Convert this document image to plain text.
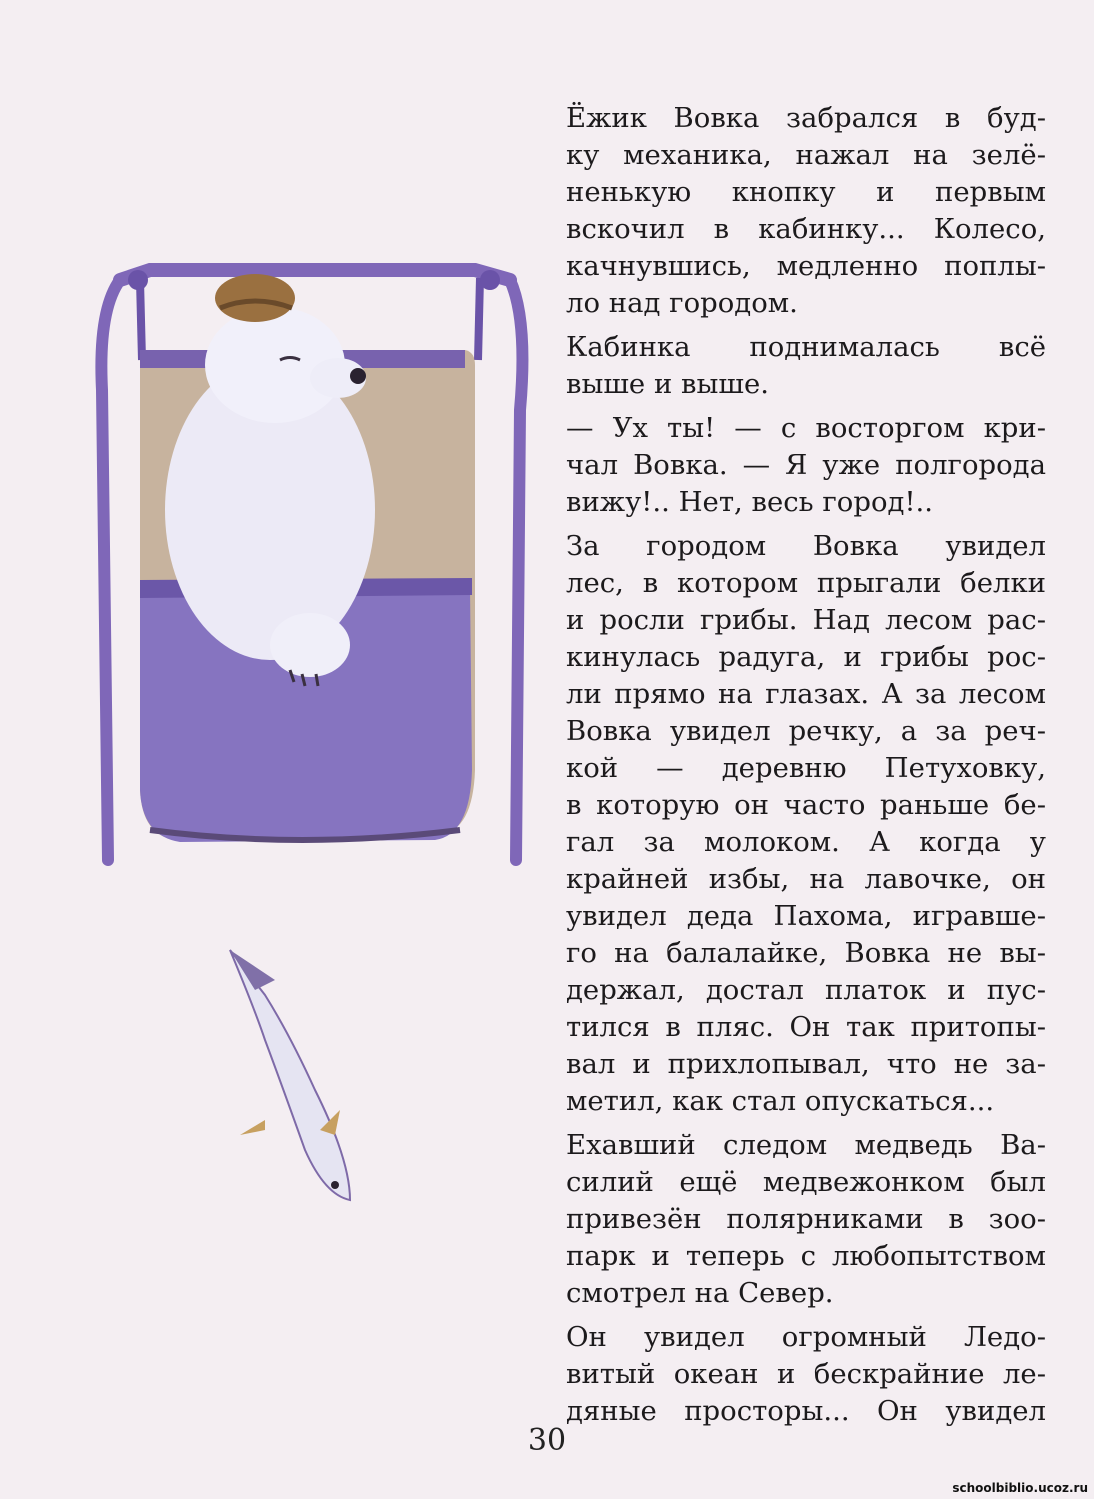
Ёжик Вовка забрался в буд-
ку механика, нажал на зелё-
ненькую кнопку и первым
вскочил в кабинку... Колесо,
качнувшись, медленно поплы-
ло над городом.

Кабинка поднималась всё
выше и выше.

— Ух ты! — с восторгом кри-
чал Вовка. — Я уже полгорода
вижу!.. Нет, весь город!..

За городом Вовка увидел
лес, в котором прыгали белки
и росли грибы. Над лесом рас-
кинулась радуга, и грибы рос-
ли прямо на глазах. А за лесом
Вовка увидел речку, а за реч-
кой — деревню Петуховку,
в которую он часто раньше бе-
гал за молоком. А когда у
крайней избы, на лавочке, он
увидел деда Пахома, игравше-
го на балалайке, Вовка не вы-
держал, достал платок и пус-
тился в пляс. Он так притопы-
вал и прихлопывал, что не за-
метил, как стал опускаться...

Ехавший следом медведь Ва-
силий ещё медвежонком был
привезён полярниками в зоо-
парк и теперь с любопытством
смотрел на Север.

Он увидел огромный Ледо-
витый океан и бескрайние ле-
дяные просторы... Он увидел

30
schoolbiblio.ucoz.ru
